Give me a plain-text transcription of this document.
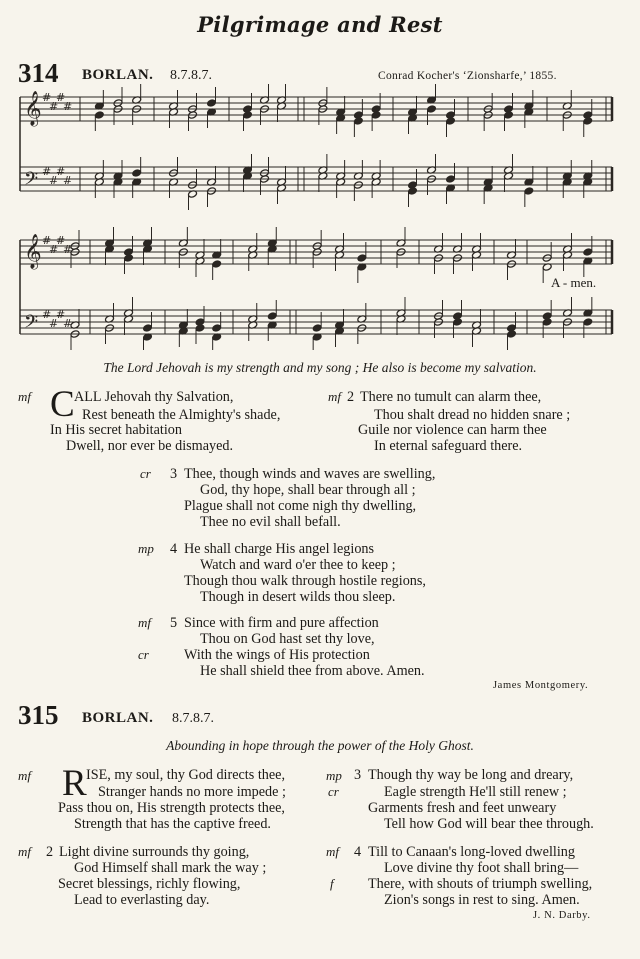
Pilgrimage and Rest
314 BORLAN. 8.7.8.7.	Conrad Kocher's ‘Zionsharfe,’ 1855.
𝄞 #
#
#
#
𝄢 #
#
#
#
𝄞 #
#
#
#
𝄢 #
#
#
#
A - men.
The Lord Jehovah is my strength and my song ; He also is become my salvation.
mf C ALL Jehovah thy Salvation,
Rest beneath the Almighty's shade,
In His secret habitation
Dwell, nor ever be dismayed.
mf 2 There no tumult can alarm thee,
Thou shalt dread no hidden snare ;
Guile nor violence can harm thee
In eternal safeguard there.
cr 3 Thee, though winds and waves are swelling,
God, thy hope, shall bear through all ;
Plague shall not come nigh thy dwelling,
Thee no evil shall befall.
mp 4 He shall charge His angel legions
Watch and ward o'er thee to keep ;
Though thou walk through hostile regions,
Though in desert wilds thou sleep.
mf 5 Since with firm and pure affection
Thou on God hast set thy love,
cr With the wings of His protection
He shall shield thee from above. Amen.
James Montgomery.
315 BORLAN. 8.7.8.7.
Abounding in hope through the power of the Holy Ghost.
mf R ISE, my soul, thy God directs thee,
Stranger hands no more impede ;
Pass thou on, His strength protects thee,
Strength that has the captive freed.
mf 2 Light divine surrounds thy going,
God Himself shall mark the way ;
Secret blessings, richly flowing,
Lead to everlasting day.
mp 3 Though thy way be long and dreary,
cr	Eagle strength He'll still renew ;
Garments fresh and feet unweary
Tell how God will bear thee through.
mf 4 Till to Canaan's long-loved dwelling
Love divine thy foot shall bring—
f There, with shouts of triumph swelling,
Zion's songs in rest to sing. Amen.
J. N. Darby.
